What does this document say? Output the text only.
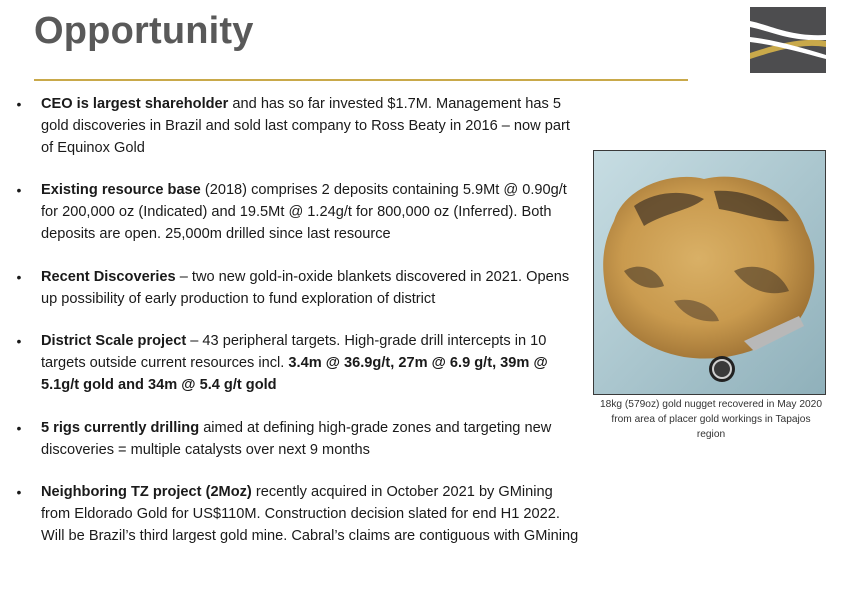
Opportunity
• CEO is largest shareholder and has so far invested $1.7M. Management has 5 gold discoveries in Brazil and sold last company to Ross Beaty in 2016 – now part of Equinox Gold
• Existing resource base (2018) comprises 2 deposits containing 5.9Mt @ 0.90g/t for 200,000 oz (Indicated) and 19.5Mt @ 1.24g/t for 800,000 oz (Inferred). Both deposits are open. 25,000m drilled since last resource
• Recent Discoveries – two new gold-in-oxide blankets discovered in 2021. Opens up possibility of early production to fund exploration of district
• District Scale project – 43 peripheral targets. High-grade drill intercepts in 10 targets outside current resources incl. 3.4m @ 36.9g/t, 27m @ 6.9 g/t, 39m @ 5.1g/t gold and 34m @ 5.4 g/t gold
• 5 rigs currently drilling aimed at defining high-grade zones and targeting new discoveries = multiple catalysts over next 9 months
• Neighboring TZ project (2Moz) recently acquired in October 2021 by GMining from Eldorado Gold for US$110M. Construction decision slated for end H1 2022. Will be Brazil’s third largest gold mine. Cabral’s claims are contiguous with GMining
18kg (579oz) gold nugget recovered in May 2020 from area of placer gold workings in Tapajos region
